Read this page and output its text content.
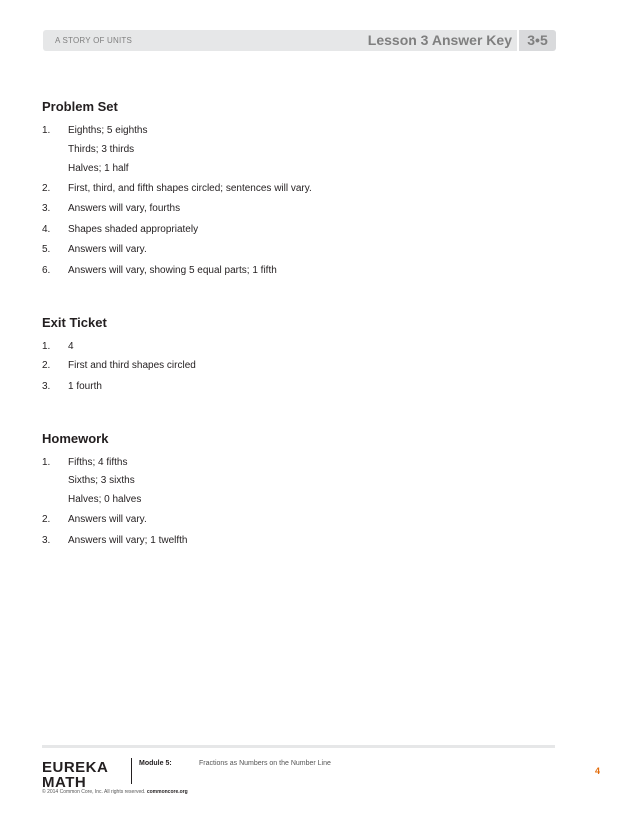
A STORY OF UNITS	Lesson 3 Answer Key	3•5
Problem Set
1. Eighths; 5 eighths
Thirds; 3 thirds
Halves; 1 half
2. First, third, and fifth shapes circled; sentences will vary.
3. Answers will vary, fourths
4. Shapes shaded appropriately
5. Answers will vary.
6. Answers will vary, showing 5 equal parts; 1 fifth
Exit Ticket
1. 4
2. First and third shapes circled
3. 1 fourth
Homework
1. Fifths; 4 fifths
Sixths; 3 sixths
Halves; 0 halves
2. Answers will vary.
3. Answers will vary; 1 twelfth
EUREKA
MATH
Module 5:	Fractions as Numbers on the Number Line
© 2014 Common Core, Inc. All rights reserved. commoncore.org
4
